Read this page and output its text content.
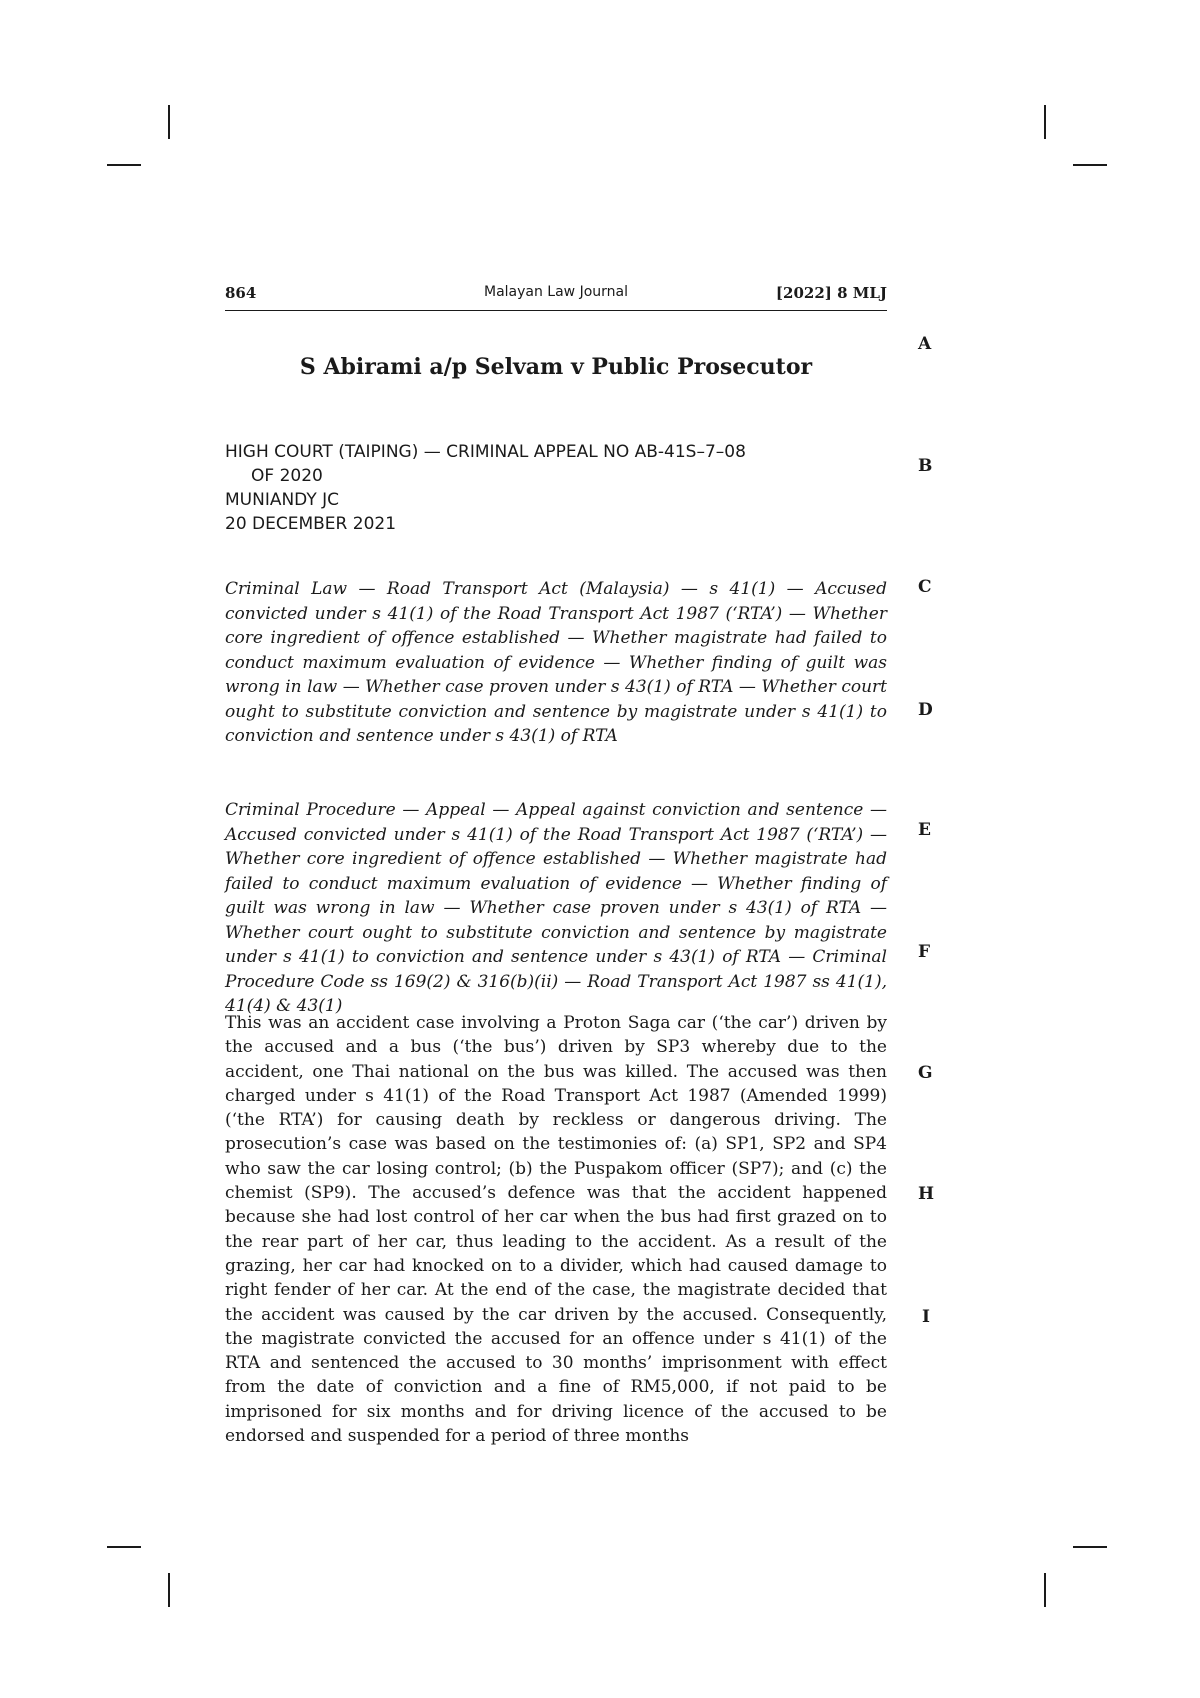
864	Malayan Law Journal	[2022] 8 MLJ
S Abirami a/p Selvam v Public Prosecutor
HIGH COURT (TAIPING) — CRIMINAL APPEAL NO AB-41S–7–08
OF 2020
MUNIANDY JC
20 DECEMBER 2021
Criminal Law — Road Transport Act (Malaysia) — s 41(1) — Accused convicted under s 41(1) of the Road Transport Act 1987 (‘RTA’) — Whether core ingredient of offence established — Whether magistrate had failed to conduct maximum evaluation of evidence — Whether finding of guilt was wrong in law — Whether case proven under s 43(1) of RTA — Whether court ought to substitute conviction and sentence by magistrate under s 41(1) to conviction and sentence under s 43(1) of RTA
Criminal Procedure — Appeal — Appeal against conviction and sentence — Accused convicted under s 41(1) of the Road Transport Act 1987 (‘RTA’) — Whether core ingredient of offence established — Whether magistrate had failed to conduct maximum evaluation of evidence — Whether finding of guilt was wrong in law — Whether case proven under s 43(1) of RTA — Whether court ought to substitute conviction and sentence by magistrate under s 41(1) to conviction and sentence under s 43(1) of RTA — Criminal Procedure Code ss 169(2) & 316(b)(ii) — Road Transport Act 1987 ss 41(1), 41(4) & 43(1)
This was an accident case involving a Proton Saga car (‘the car’) driven by the accused and a bus (‘the bus’) driven by SP3 whereby due to the accident, one Thai national on the bus was killed. The accused was then charged under s 41(1) of the Road Transport Act 1987 (Amended 1999) (‘the RTA’) for causing death by reckless or dangerous driving. The prosecution’s case was based on the testimonies of: (a) SP1, SP2 and SP4 who saw the car losing control; (b) the Puspakom officer (SP7); and (c) the chemist (SP9). The accused’s defence was that the accident happened because she had lost control of her car when the bus had first grazed on to the rear part of her car, thus leading to the accident. As a result of the grazing, her car had knocked on to a divider, which had caused damage to right fender of her car. At the end of the case, the magistrate decided that the accident was caused by the car driven by the accused. Consequently, the magistrate convicted the accused for an offence under s 41(1) of the RTA and sentenced the accused to 30 months’ imprisonment with effect from the date of conviction and a fine of RM5,000, if not paid to be imprisoned for six months and for driving licence of the accused to be endorsed and suspended for a period of three months
A
B
C
D
E
F
G
H
I
